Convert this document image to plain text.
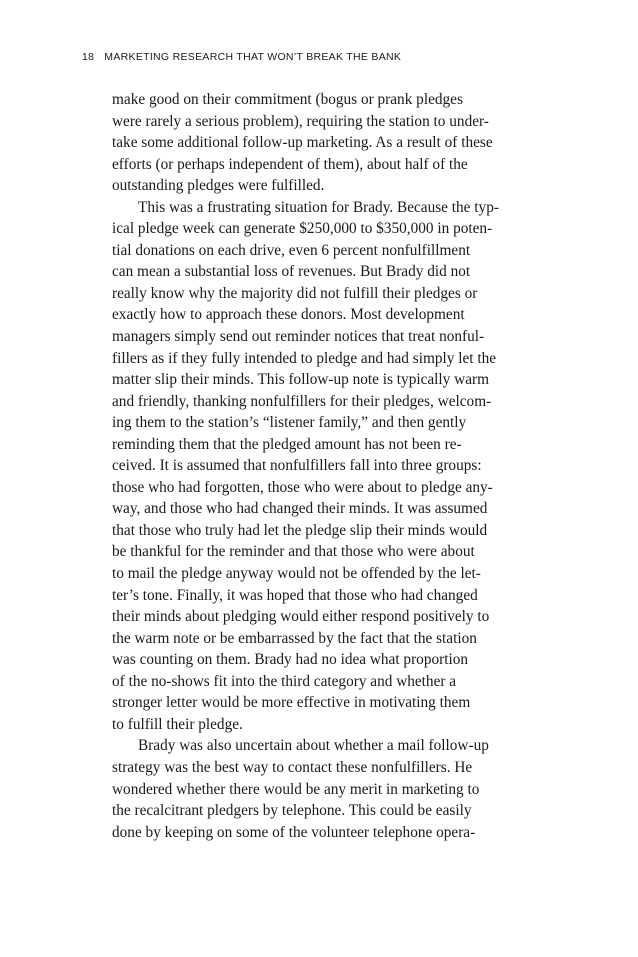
18 MARKETING RESEARCH THAT WON’T BREAK THE BANK
make good on their commitment (bogus or prank pledges
were rarely a serious problem), requiring the station to under-
take some additional follow-up marketing. As a result of these
efforts (or perhaps independent of them), about half of the
outstanding pledges were fulfilled.
This was a frustrating situation for Brady. Because the typ-
ical pledge week can generate $250,000 to $350,000 in poten-
tial donations on each drive, even 6 percent nonfulfillment
can mean a substantial loss of revenues. But Brady did not
really know why the majority did not fulfill their pledges or
exactly how to approach these donors. Most development
managers simply send out reminder notices that treat nonful-
fillers as if they fully intended to pledge and had simply let the
matter slip their minds. This follow-up note is typically warm
and friendly, thanking nonfulfillers for their pledges, welcom-
ing them to the station’s “listener family,” and then gently
reminding them that the pledged amount has not been re-
ceived. It is assumed that nonfulfillers fall into three groups:
those who had forgotten, those who were about to pledge any-
way, and those who had changed their minds. It was assumed
that those who truly had let the pledge slip their minds would
be thankful for the reminder and that those who were about
to mail the pledge anyway would not be offended by the let-
ter’s tone. Finally, it was hoped that those who had changed
their minds about pledging would either respond positively to
the warm note or be embarrassed by the fact that the station
was counting on them. Brady had no idea what proportion
of the no-shows fit into the third category and whether a
stronger letter would be more effective in motivating them
to fulfill their pledge.
Brady was also uncertain about whether a mail follow-up
strategy was the best way to contact these nonfulfillers. He
wondered whether there would be any merit in marketing to
the recalcitrant pledgers by telephone. This could be easily
done by keeping on some of the volunteer telephone opera-
